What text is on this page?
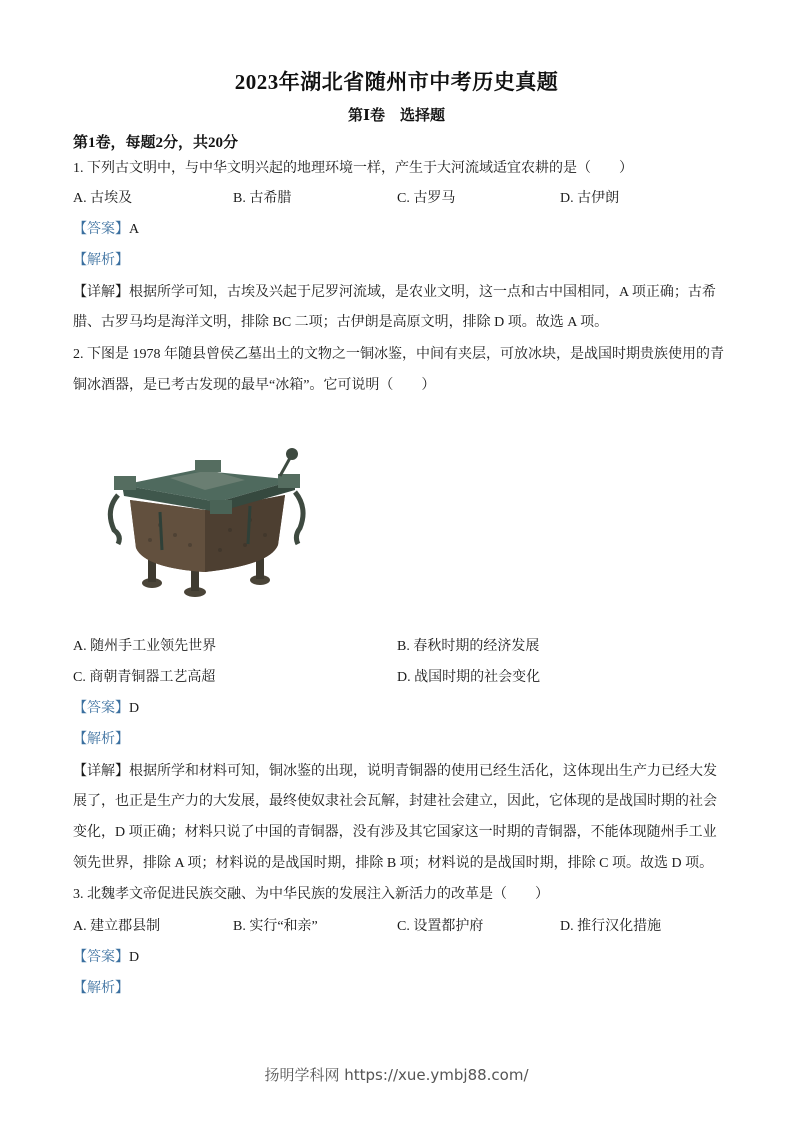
2023年湖北省随州市中考历史真题
第Ⅰ卷　选择题
第1卷，每题2分，共20分
1. 下列古文明中，与中华文明兴起的地理环境一样，产生于大河流域适宜农耕的是（　　）
A. 古埃及	B. 古希腊	C. 古罗马	D. 古伊朗
【答案】A
【解析】
【详解】根据所学可知，古埃及兴起于尼罗河流域，是农业文明，这一点和古中国相同，A 项正确；古希
腊、古罗马均是海洋文明，排除 BC 二项；古伊朗是高原文明，排除 D 项。故选 A 项。
2. 下图是 1978 年随县曾侯乙墓出土的文物之一铜冰鉴，中间有夹层，可放冰块，是战国时期贵族使用的青
铜冰酒器，是已考古发现的最早“冰箱”。它可说明（　　）
A. 随州手工业领先世界	B. 春秋时期的经济发展
C. 商朝青铜器工艺高超	D. 战国时期的社会变化
【答案】D
【解析】
【详解】根据所学和材料可知，铜冰鉴的出现，说明青铜器的使用已经生活化，这体现出生产力已经大发
展了，也正是生产力的大发展，最终使奴隶社会瓦解，封建社会建立，因此，它体现的是战国时期的社会
变化，D 项正确；材料只说了中国的青铜器，没有涉及其它国家这一时期的青铜器，不能体现随州手工业
领先世界，排除 A 项；材料说的是战国时期，排除 B 项；材料说的是战国时期，排除 C 项。故选 D 项。
3. 北魏孝文帝促进民族交融、为中华民族的发展注入新活力的改革是（　　）
A. 建立郡县制	B. 实行“和亲”	C. 设置都护府	D. 推行汉化措施
【答案】D
【解析】
扬明学科网 https://xue.ymbj88.com/
